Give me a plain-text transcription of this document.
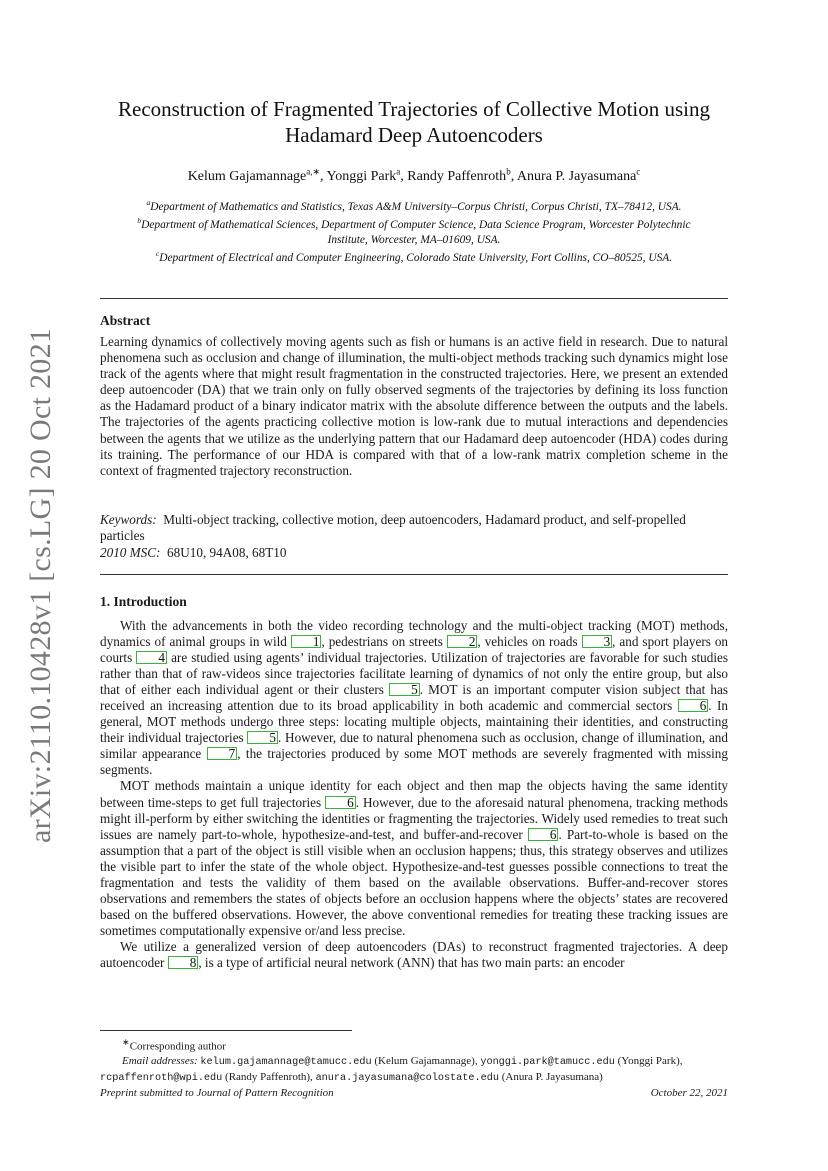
arXiv:2110.10428v1 [cs.LG] 20 Oct 2021
Reconstruction of Fragmented Trajectories of Collective Motion using
Hadamard Deep Autoencoders
Kelum Gajamannage$^{a,∗}$, Yonggi Park$^a$, Randy Paffenroth$^b$, Anura P. Jayasumana$^c$
$^a$Department of Mathematics and Statistics, Texas A&M University–Corpus Christi, Corpus Christi, TX–78412, USA.
$^b$Department of Mathematical Sciences, Department of Computer Science, Data Science Program, Worcester Polytechnic
Institute, Worcester, MA–01609, USA.
$^c$Department of Electrical and Computer Engineering, Colorado State University, Fort Collins, CO–80525, USA.
Abstract
Learning dynamics of collectively moving agents such as fish or humans is an active field in research. Due to natural phenomena such as occlusion and change of illumination, the multi-object methods tracking such dynamics might lose track of the agents where that might result fragmentation in the constructed trajectories. Here, we present an extended deep autoencoder (DA) that we train only on fully observed segments of the trajectories by defining its loss function as the Hadamard product of a binary indicator matrix with the absolute difference between the outputs and the labels. The trajectories of the agents practicing collective motion is low-rank due to mutual interactions and dependencies between the agents that we utilize as the underlying pattern that our Hadamard deep autoencoder (HDA) codes during its training. The performance of our HDA is compared with that of a low-rank matrix completion scheme in the context of fragmented trajectory reconstruction.
Keywords: Multi-object tracking, collective motion, deep autoencoders, Hadamard product, and self-propelled particles
2010 MSC: 68U10, 94A08, 68T10
1. Introduction

With the advancements in both the video recording technology and the multi-object tracking (MOT) methods, dynamics of animal groups in wild 1 , pedestrians on streets 2 , vehicles on roads 3 , and sport players on courts 4 are studied using agents’ individual trajectories. Utilization of trajectories are favorable for such studies rather than that of raw-videos since trajectories facilitate learning of dynamics of not only the entire group, but also that of either each individual agent or their clusters 5 . MOT is an important computer vision subject that has received an increasing attention due to its broad applicability in both academic and commercial sectors 6 . In general, MOT methods undergo three steps: locating multiple objects, maintaining their identities, and constructing their individual trajectories 5 . However, due to natural phenomena such as occlusion, change of illumination, and similar appearance 7 , the trajectories produced by some MOT methods are severely fragmented with missing segments.

MOT methods maintain a unique identity for each object and then map the objects having the same identity between time-steps to get full trajectories 6 . However, due to the aforesaid natural phenomena, tracking methods might ill-perform by either switching the identities or fragmenting the trajectories. Widely used remedies to treat such issues are namely part-to-whole, hypothesize-and-test, and buffer-and-recover 6 . Part-to-whole is based on the assumption that a part of the object is still visible when an occlusion happens; thus, this strategy observes and utilizes the visible part to infer the state of the whole object. Hypothesize-and-test guesses possible connections to treat the fragmentation and tests the validity of them based on the available observations. Buffer-and-recover stores observations and remembers the states of objects before an occlusion happens where the objects’ states are recovered based on the buffered observations. However, the above conventional remedies for treating these tracking issues are sometimes computationally expensive or/and less precise.

We utilize a generalized version of deep autoencoders (DAs) to reconstruct fragmented trajectories. A deep autoencoder 8 , is a type of artificial neural network (ANN) that has two main parts: an encoder

∗Corresponding author
Email addresses: kelum.gajamannage@tamucc.edu (Kelum Gajamannage), yonggi.park@tamucc.edu (Yonggi Park),
rcpaffenroth@wpi.edu (Randy Paffenroth), anura.jayasumana@colostate.edu (Anura P. Jayasumana)
Preprint submitted to Journal of Pattern Recognition	October 22, 2021
